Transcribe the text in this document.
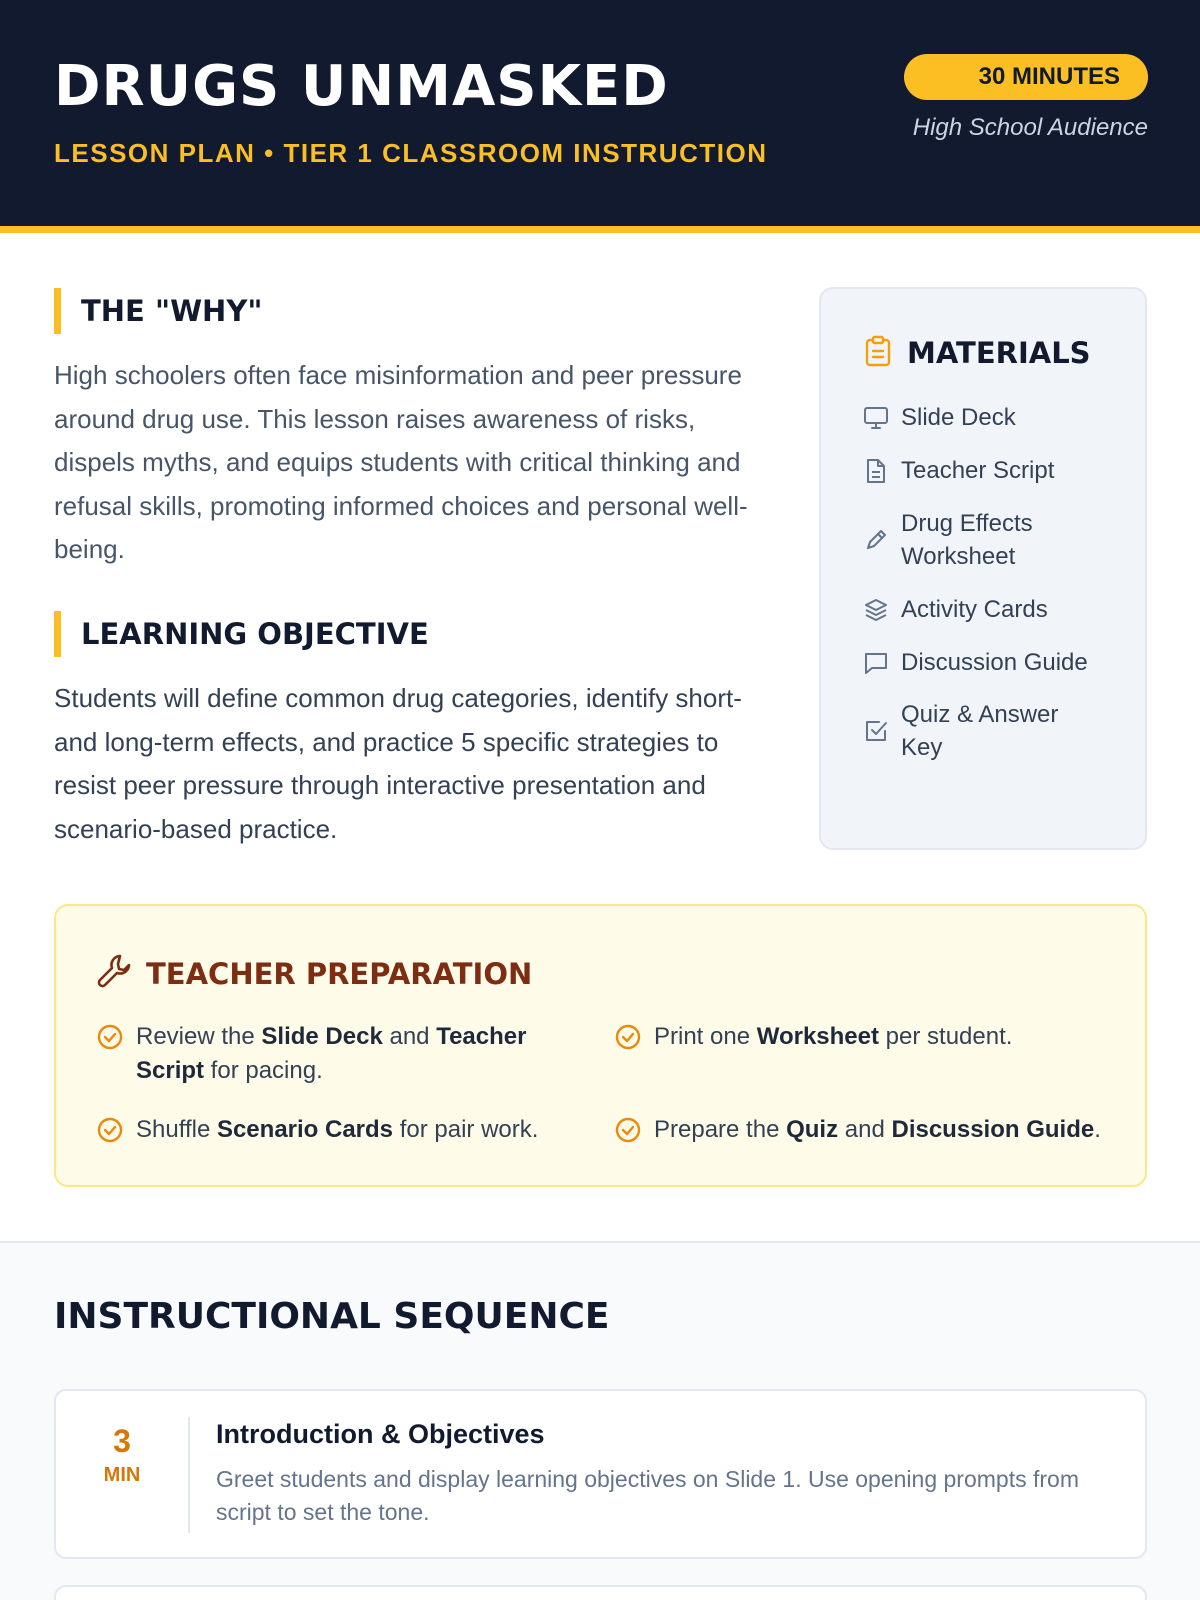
DRUGS UNMASKED
LESSON PLAN • TIER 1 CLASSROOM INSTRUCTION
30 MINUTES
High School Audience
THE "WHY"
High schoolers often face misinformation and peer pressure around drug use. This lesson raises awareness of risks, dispels myths, and equips students with critical thinking and refusal skills, promoting informed choices and personal well-being.
LEARNING OBJECTIVE
Students will define common drug categories, identify short- and long-term effects, and practice 5 specific strategies to resist peer pressure through interactive presentation and scenario-based practice.
MATERIALS
Slide Deck
Teacher Script
Drug Effects Worksheet
Activity Cards
Discussion Guide
Quiz & Answer Key
TEACHER PREPARATION
Review the Slide Deck and Teacher Script for pacing.
Print one Worksheet per student.
Shuffle Scenario Cards for pair work.	Prepare the Quiz and Discussion Guide.
INSTRUCTIONAL SEQUENCE
3
MIN
Introduction & Objectives
Greet students and display learning objectives on Slide 1. Use opening prompts from script to set the tone.
